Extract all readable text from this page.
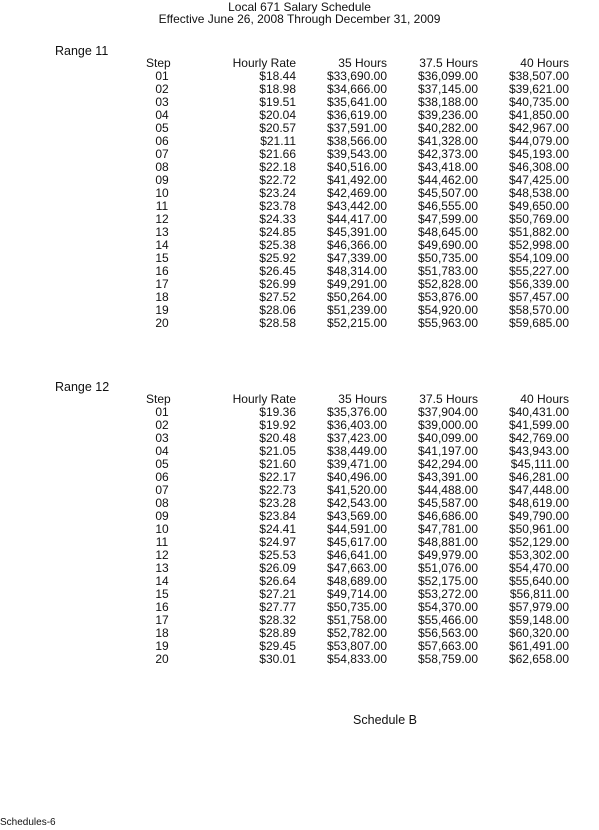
Local 671 Salary Schedule
Effective June 26, 2008 Through December 31, 2009
Range 11
Step	Hourly Rate	35 Hours	37.5 Hours	40 Hours
01	$18.44	$33,690.00	$36,099.00	$38,507.00
02	$18.98	$34,666.00	$37,145.00	$39,621.00
03	$19.51	$35,641.00	$38,188.00	$40,735.00
04	$20.04	$36,619.00	$39,236.00	$41,850.00
05	$20.57	$37,591.00	$40,282.00	$42,967.00
06	$21.11	$38,566.00	$41,328.00	$44,079.00
07	$21.66	$39,543.00	$42,373.00	$45,193.00
08	$22.18	$40,516.00	$43,418.00	$46,308.00
09	$22.72	$41,492.00	$44,462.00	$47,425.00
10	$23.24	$42,469.00	$45,507.00	$48,538.00
11	$23.78	$43,442.00	$46,555.00	$49,650.00
12	$24.33	$44,417.00	$47,599.00	$50,769.00
13	$24.85	$45,391.00	$48,645.00	$51,882.00
14	$25.38	$46,366.00	$49,690.00	$52,998.00
15	$25.92	$47,339.00	$50,735.00	$54,109.00
16	$26.45	$48,314.00	$51,783.00	$55,227.00
17	$26.99	$49,291.00	$52,828.00	$56,339.00
18	$27.52	$50,264.00	$53,876.00	$57,457.00
19	$28.06	$51,239.00	$54,920.00	$58,570.00
20	$28.58	$52,215.00	$55,963.00	$59,685.00
Range 12
Step	Hourly Rate	35 Hours	37.5 Hours	40 Hours
01	$19.36	$35,376.00	$37,904.00	$40,431.00
02	$19.92	$36,403.00	$39,000.00	$41,599.00
03	$20.48	$37,423.00	$40,099.00	$42,769.00
04	$21.05	$38,449.00	$41,197.00	$43,943.00
05	$21.60	$39,471.00	$42,294.00	$45,111.00
06	$22.17	$40,496.00	$43,391.00	$46,281.00
07	$22.73	$41,520.00	$44,488.00	$47,448.00
08	$23.28	$42,543.00	$45,587.00	$48,619.00
09	$23.84	$43,569.00	$46,686.00	$49,790.00
10	$24.41	$44,591.00	$47,781.00	$50,961.00
11	$24.97	$45,617.00	$48,881.00	$52,129.00
12	$25.53	$46,641.00	$49,979.00	$53,302.00
13	$26.09	$47,663.00	$51,076.00	$54,470.00
14	$26.64	$48,689.00	$52,175.00	$55,640.00
15	$27.21	$49,714.00	$53,272.00	$56,811.00
16	$27.77	$50,735.00	$54,370.00	$57,979.00
17	$28.32	$51,758.00	$55,466.00	$59,148.00
18	$28.89	$52,782.00	$56,563.00	$60,320.00
19	$29.45	$53,807.00	$57,663.00	$61,491.00
20	$30.01	$54,833.00	$58,759.00	$62,658.00
Schedule B
Schedules-6
